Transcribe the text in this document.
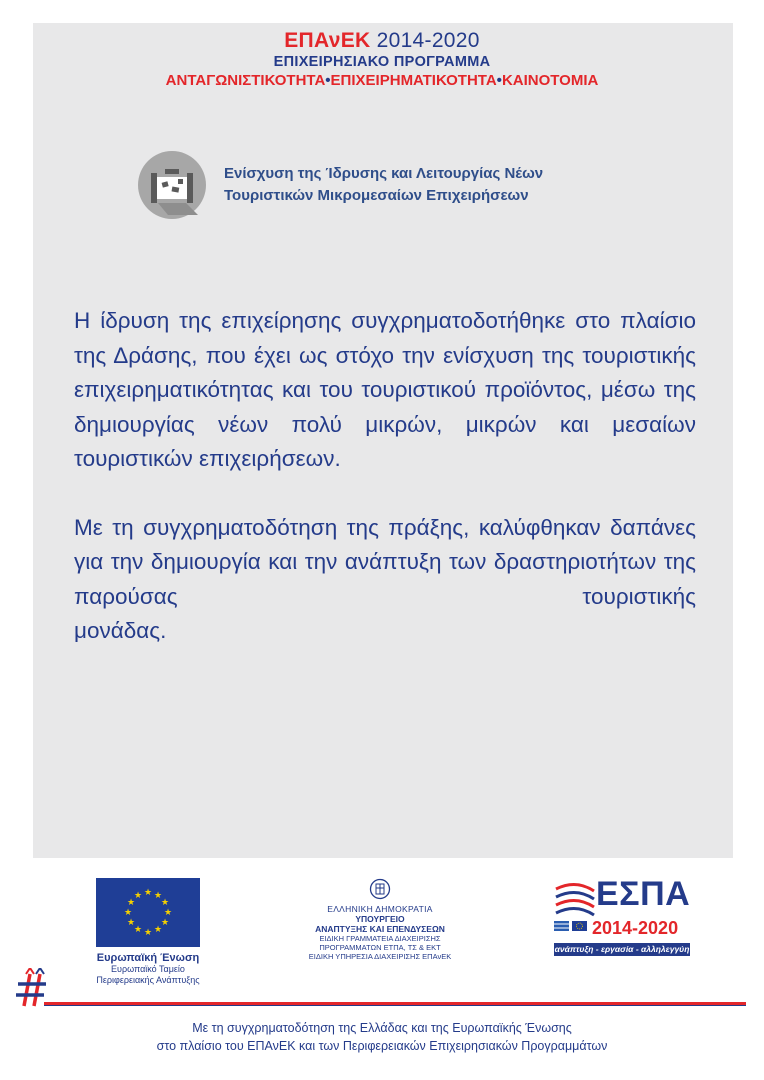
ΕΠΑνΕΚ 2014-2020
ΕΠΙΧΕΙΡΗΣΙΑΚΟ ΠΡΟΓΡΑΜΜΑ
ΑΝΤΑΓΩΝΙΣΤΙΚΟΤΗΤΑ•ΕΠΙΧΕΙΡΗΜΑΤΙΚΟΤΗΤΑ•ΚΑΙΝΟΤΟΜΙΑ
Ενίσχυση της Ίδρυσης και Λειτουργίας Νέων
Τουριστικών Μικρομεσαίων Επιχειρήσεων

Η ίδρυση της επιχείρησης συγχρηματοδοτήθηκε στο πλαίσιο της Δράσης, που έχει ως στόχο την ενίσχυση της τουριστικής επιχειρηματικότητας και του τουριστικού προϊόντος, μέσω της δημιουργίας νέων πολύ μικρών, μικρών και μεσαίων
τουριστικών επιχειρήσεων.

Με τη συγχρηματοδότηση της πράξης, καλύφθηκαν δαπάνες για την δημιουργία και την ανάπτυξη των δραστηριοτήτων της παρούσας τουριστικής
μονάδας.

★ ★
★
★
★
★
★
★
★
★
★
★
Ευρωπαϊκή Ένωση
Ευρωπαϊκό Ταμείο
Περιφερειακής Ανάπτυξης
ΕΛΛΗΝΙΚΗ ΔΗΜΟΚΡΑΤΙΑ
ΥΠΟΥΡΓΕΙΟ
ΑΝΑΠΤΥΞΗΣ ΚΑΙ ΕΠΕΝΔΥΣΕΩΝ
ΕΙΔΙΚΗ ΓΡΑΜΜΑΤΕΙΑ ΔΙΑΧΕΙΡΙΣΗΣ
ΠΡΟΓΡΑΜΜΑΤΩΝ ΕΤΠΑ, ΤΣ & ΕΚΤ
ΕΙΔΙΚΗ ΥΠΗΡΕΣΙΑ ΔΙΑΧΕΙΡΙΣΗΣ ΕΠΑνΕΚ
ΕΣΠΑ
2014-2020
ανάπτυξη - εργασία - αλληλεγγύη
Με τη συγχρηματοδότηση της Ελλάδας και της Ευρωπαϊκής Ένωσης
στο πλαίσιο του ΕΠΑνΕΚ και των Περιφερειακών Επιχειρησιακών Προγραμμάτων
